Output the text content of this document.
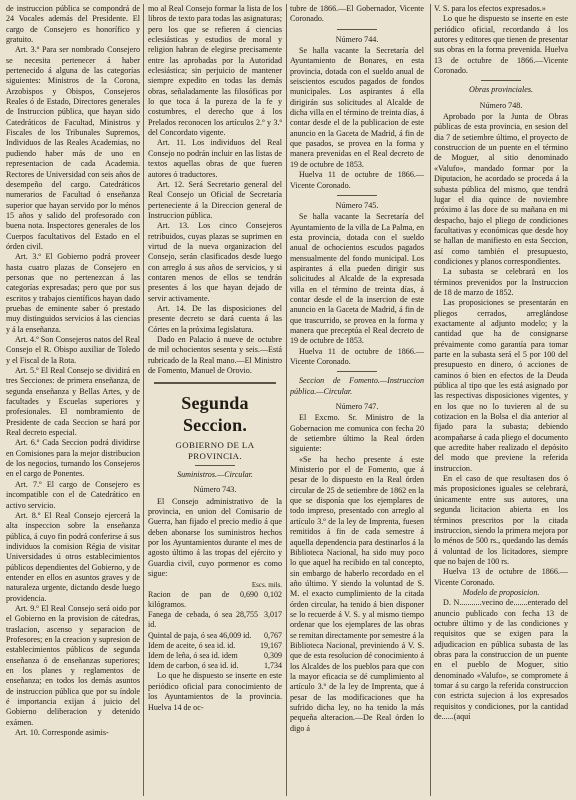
de instruccion pública se compondrá de 24 Vocales además del Presidente. El cargo de Consejero es honorífico y gratuito.

Art. 3.º Para ser nombrado Consejero se necesita pertenecer á haber pertenecido á alguna de las categorías siguientes: Ministros de la Corona, Arzobispos y Obispos, Consejeros Reales ó de Estado, Directores generales de Instruccion pública, que hayan sido Catedráticos de Facultad, Ministros y Fiscales de los Tribunales Supremos, Individuos de las Reales Academias, no pudiendo haber más de uno en representacion de cada Academia. Rectores de Universidad con seis años de desempeño del cargo. Catedráticos numerarios de Facultad ó enseñanza superior que hayan servido por lo ménos 15 años y salido del profesorado con buena nota. Inspectores generales de los Cuerpos facultativos del Estado en el órden civil.

Art. 3.º El Gobierno podrá proveer hasta cuatro plazas de Consejero en personas que no pertenezcan á las categorías expresadas; pero que por sus escritos y trabajos científicos hayan dado pruebas de eminente saber ó prestado muy distinguidos servicios á las ciencias y á la enseñanza.

Art. 4.º Son Consejeros natos del Real Consejo el R. Obispo auxiliar de Toledo y el Fiscal de la Rota.

Art. 5.º El Real Consejo se dividirá en tres Secciones: de primera enseñanza, de segunda enseñanza y Bellas Artes, y de facultades y Escuelas superiores y profesionales. El nombramiento de Presidente de cada Seccion se hará por Real decreto especial.

Art. 6.º Cada Seccion podrá dividirse en Comisiones para la mejor distribucion de los negocios, turnando los Consejeros en el cargo de Ponentes.

Art. 7.º El cargo de Consejero es incompatible con el de Catedrático en activo servicio.

Art. 8.º El Real Consejo ejercerá la alta inspeccion sobre la enseñanza pública, á cuyo fin podrá conferirse á sus individuos la comision Régia de visitar Universidades ú otros establecimientos públicos dependientes del Gobierno, y de entender en ellos en asuntos graves y de naturaleza urgente, dictando desde luego providencia.

Art. 9.º El Real Consejo será oido por el Gobierno en la provision de cátedras, traslacion, ascenso y separacion de Profesores; en la creacion y supresion de establecimientos públicos de segunda enseñanza ó de enseñanzas superiores; en los planes y reglamentos de enseñanza; en todos los demás asuntos de instruccion pública que por su índole é importancia exijan á juicio del Gobierno deliberacion y detenido exámen.

Art. 10. Corresponde asimis-

mo al Real Consejo formar la lista de los libros de texto para todas las asignaturas; pero los que se refieren á ciencias eclesiásticas y estudios de moral y religion habran de elegirse precisamente entre las aprobadas por la Autoridad eclesiástica; sin perjuicio de mantener siempre expedito en todas las demás obras, señaladamente las filosóficas por lo que toca á la pureza de la fe y costumbres, el derecho que á los Prelados reconocen los artículos 2.º y 3.º del Concordato vigente.

Art. 11. Los individuos del Real Consejo no podrán incluir en las listas de textos aquellas obras de que fueren autores ó traductores.

Art. 12. Será Secretario general del Real Consejo un Oficial de Secretaría perteneciente á la Direccion general de Instruccion pública.

Art. 13. Los cinco Consejeros retribuidos, cuyas plazas se suprimen en virtud de la nueva organizacion del Consejo, serán clasificados desde luego con arreglo á sus años de servicios, y si contaren menos de ellos se tendrán presentes á los que hayan dejado de servir activamente.

Art. 14. De las disposiciones del presente decreto se dará cuenta á las Córtes en la próxima legislatura.

Dado en Palacio á nueve de octubre de mil ochocientos sesenta y seis.—Está rubricado de la Real mano.—El Ministro de Fomento, Manuel de Orovio.

Segunda Seccion.
GOBIERNO DE LA PROVINCIA.

Suministros.—Circular.

Número 743.

El Consejo administrativo de la provincia, en union del Comisario de Guerra, han fijado el precio medio á que deben abonarse los suministros hechos por los Ayuntamientos durante el mes de agosto último á las tropas del ejército y Guardia civil, cuyo pormenor es como sigue:

Escs. mils.
Racion de pan de 0,690 kilógramos.	0,102
Fanega de cebada, ó sea 28,755 id.	3,017
Quintal de paja, ó sea 46,009 id.	0,767
Idem de aceite, ó sea id. id.	19,167
Idem de leña, ó sea id. idem	0,309
Idem de carbon, ó sea id. id.	1,734

Lo que he dispuesto se inserte en este periódico oficial para conocimiento de los Ayuntamientos de la provincia. Huelva 14 de oc-

tubre de 1866.—El Gobernador, Vicente Coronado.

Número 744.

Se halla vacante la Secretaría del Ayuntamiento de Bonares, en esta provincia, dotada con el sueldo anual de seiscientos escudos pagados de fondos municipales. Los aspirantes á ella dirigirán sus solicitudes al Alcalde de dicha villa en el término de treinta días, á contar desde el de la publicacion de este anuncio en la Gaceta de Madrid, á fin de que pasados, se provea en la forma y manera prevenidas en el Real decreto de 19 de octubre de 1853.

Huelva 11 de octubre de 1866.—Vicente Coronado.

Número 745.

Se halla vacante la Secretaría del Ayuntamiento de la villa de La Palma, en esta provincia, dotada con el sueldo anual de ochocientos escudos pagados mensualmente del fondo municipal. Los aspirantes á ella pueden dirigir sus solicitudes al Alcalde de la expresada villa en el término de treinta días, á contar desde el de la insercion de este anuncio en la Gaceta de Madrid, á fin de que trascurrido, se provea en la forma y manera que preceptúa el Real decreto de 19 de octubre de 1853.

Huelva 11 de octubre de 1866.—Vicente Coronado.

Seccion de Fomento.—Instruccion pública.—Circular.

Número 747.

El Excmo. Sr. Ministro de la Gobernacion me comunica con fecha 20 de setiembre último la Real órden siguiente:

«Se ha hecho presente á este Ministerio por el de Fomento, que á pesar de lo dispuesto en la Real órden circular de 25 de setiembre de 1862 en la que se disponía que los ejemplares de todo impreso, presentado con arreglo al artículo 3.º de la ley de Imprenta, fuesen remitidos á fin de cada semestre á aquella dependencia para destinarlos á la Biblioteca Nacional, ha sido muy poco lo que aquel ha recibido en tal concepto, sin embargo de haberlo recordado en el año último. Y siendo la voluntad de S. M. el exacto cumplimiento de la citada órden circular, ha tenido á bien disponer se lo recuerde á V. S. y al mismo tiempo ordenar que los ejemplares de las obras se remitan directamente por semestre á la Biblioteca Nacional, previniendo á V. S. que de esta resolucion dé conocimiento á los Alcaldes de los pueblos para que con la mayor eficacia se dé cumplimiento al artículo 3.º de la ley de Imprenta, que á pesar de las modificaciones que ha sufrido dicha ley, no ha tenido la más pequeña alteracion.—De Real órden lo digo á

V. S. para los efectos expresados.»

Lo que he dispuesto se inserte en este periódico oficial, recordando á los autores y editores que tienen de presentar sus obras en la forma prevenida. Huelva 13 de octubre de 1866.—Vicente Coronado.

Obras provinciales.

Número 748.

Aprobado por la Junta de Obras públicas de esta provincia, en sesion del dia 7 de setiembre último, el proyecto de construccion de un puente en el término de Moguer, al sitio denominado «Valufo», mandado formar por la Diputacion, he acordado se proceda á la subasta pública del mismo, que tendrá lugar el dia quince de noviembre próximo á las doce de su mañana en mi despacho, bajo el pliego de condiciones facultativas y económicas que desde hoy se hallan de manifiesto en esta Seccion, así como también el presupuesto, condiciones y planos correspondientes.

La subasta se celebrará en los términos prevenidos por la Instruccion de 18 de marzo de 1852.

Las proposiciones se presentarán en pliegos cerrados, arreglándose exactamente al adjunto modelo; y la cantidad que ha de consignarse prévaimente como garantía para tomar parte en la subasta será el 5 por 100 del presupuesto en dinero, ó acciones de caminos ó bien en efectos de la Deuda pública al tipo que les está asignado por las respectivas disposiciones vigentes, y en los que no lo tuvieren al de su cotizacion en la Bolsa el dia anterior al fijado para la subasta; debiendo acompañarse á cada pliego el documento que acredite haber realizado el depósito del modo que previene la referida instruccion.

En el caso de que resultasen dos ó más proposiciones iguales se celebrará, únicamente entre sus autores, una segunda licitacion abierta en los términos prescritos por la citada instruccion, siendo la primera mejora por lo ménos de 500 rs., quedando las demás á voluntad de los licitadores, siempre que no bajen de 100 rs.

Huelva 13 de octubre de 1866.—Vicente Coronado.

Modelo de proposicion.

D. N...........vecino de.......enterado del anuncio publicado con fecha 13 de octubre último y de las condiciones y requisitos que se exigen para la adjudicacion en pública subasta de las obras para la construccion de un puente en el pueblo de Moguer, sitio denominado «Valufo», se compromete á tomar á su cargo la referida construccion con estricta sujecion á los expresados requisitos y condiciones, por la cantidad de......(aquí
